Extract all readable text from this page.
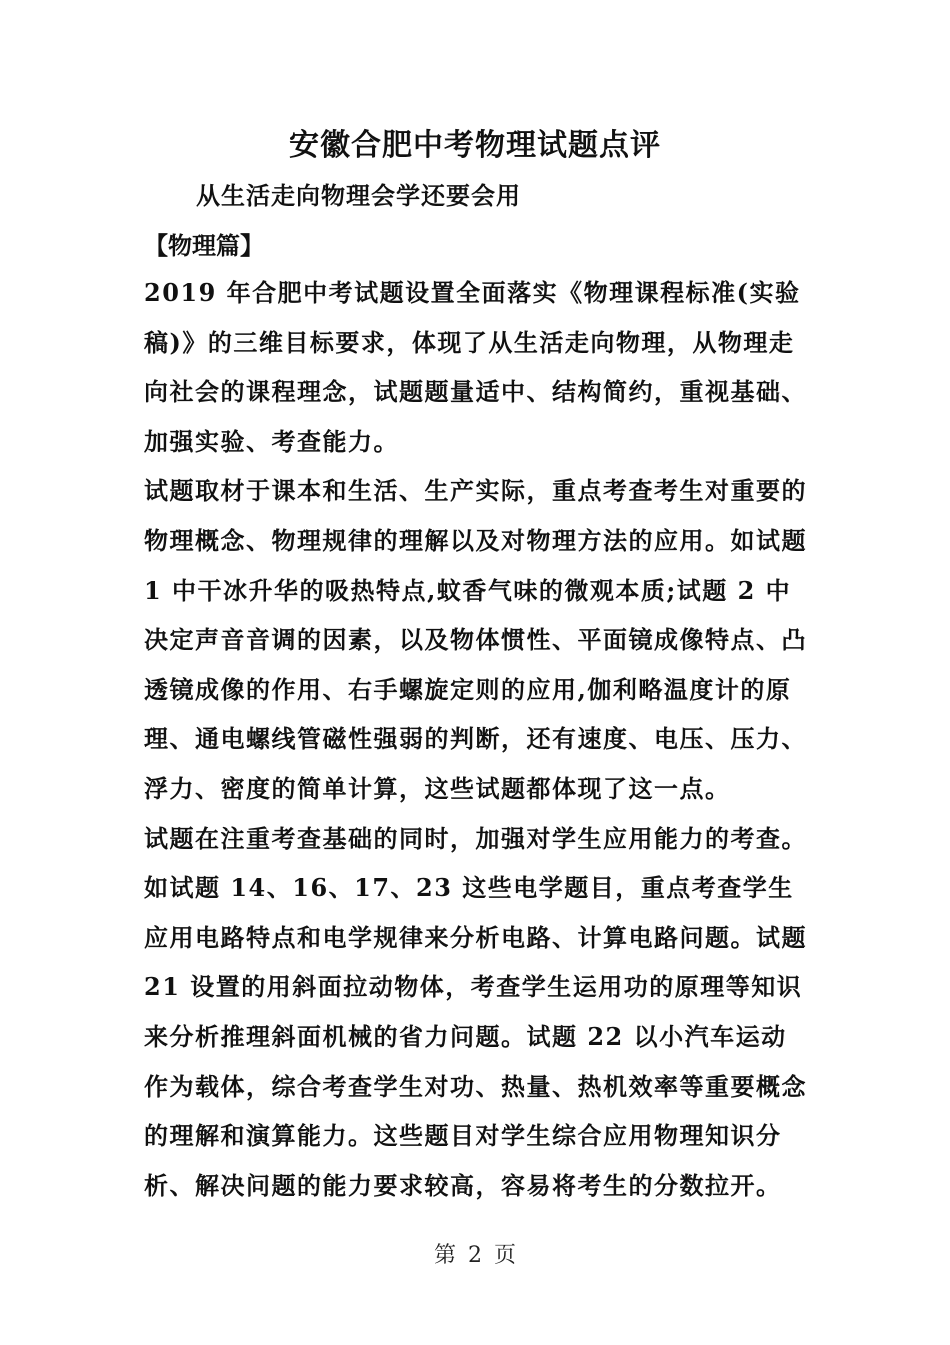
安徽合肥中考物理试题点评
从生活走向物理会学还要会用
【物理篇】

2019 年合肥中考试题设置全面落实《物理课程标准(实验稿)》的三维目标要求，体现了从生活走向物理，从物理走向社会的课程理念，试题题量适中、结构简约，重视基础、加强实验、考查能力。

试题取材于课本和生活、生产实际，重点考查考生对重要的物理概念、物理规律的理解以及对物理方法的应用。如试题 1 中干冰升华的吸热特点,蚊香气味的微观本质;试题 2 中决定声音音调的因素，以及物体惯性、平面镜成像特点、凸透镜成像的作用、右手螺旋定则的应用,伽利略温度计的原理、通电螺线管磁性强弱的判断，还有速度、电压、压力、浮力、密度的简单计算，这些试题都体现了这一点。

试题在注重考查基础的同时，加强对学生应用能力的考查。如试题 14、16、17、23 这些电学题目，重点考查学生应用电路特点和电学规律来分析电路、计算电路问题。试题 21 设置的用斜面拉动物体，考查学生运用功的原理等知识来分析推理斜面机械的省力问题。试题 22 以小汽车运动作为载体，综合考查学生对功、热量、热机效率等重要概念的理解和演算能力。这些题目对学生综合应用物理知识分析、解决问题的能力要求较高，容易将考生的分数拉开。

第 2 页
